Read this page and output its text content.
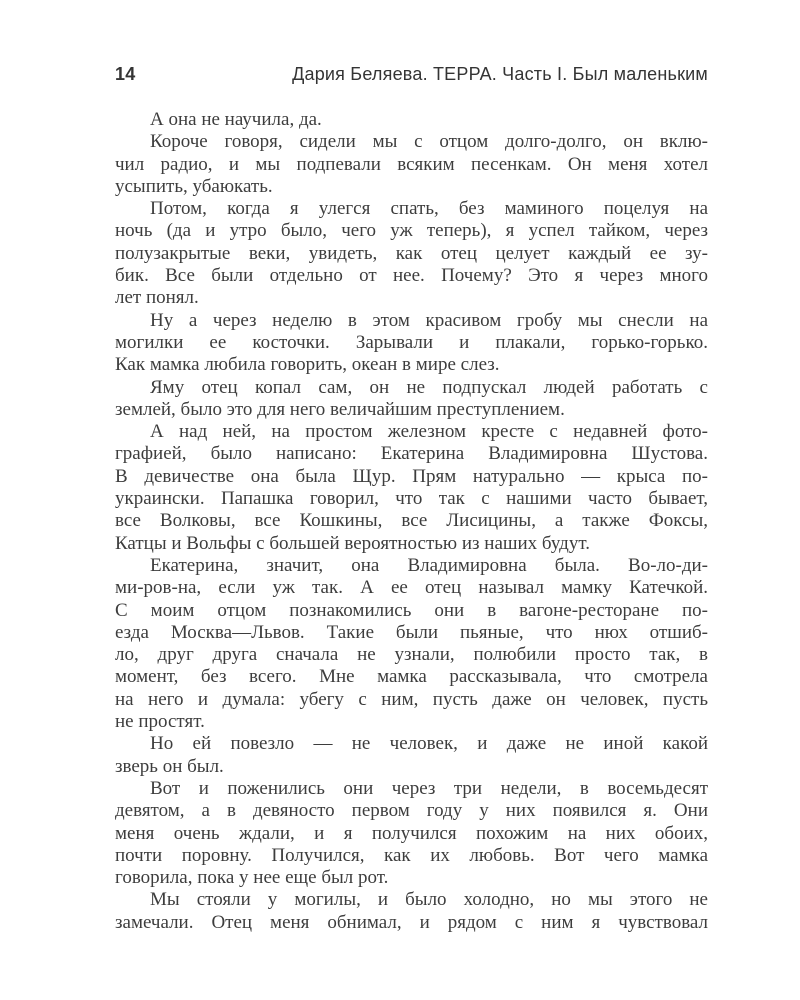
14	Дария Беляева. ТЕРРА. Часть I. Был маленьким
А она не научила, да.
Короче говоря, сидели мы с отцом долго-долго, он вклю-
чил радио, и мы подпевали всяким песенкам. Он меня хотел
усыпить, убаюкать.
Потом, когда я улегся спать, без маминого поцелуя на
ночь (да и утро было, чего уж теперь), я успел тайком, через
полузакрытые веки, увидеть, как отец целует каждый ее зу-
бик. Все были отдельно от нее. Почему? Это я через много
лет понял.
Ну а через неделю в этом красивом гробу мы снесли на
могилки ее косточки. Зарывали и плакали, горько-горько.
Как мамка любила говорить, океан в мире слез.
Яму отец копал сам, он не подпускал людей работать с
землей, было это для него величайшим преступлением.
А над ней, на простом железном кресте с недавней фото-
графией, было написано: Екатерина Владимировна Шустова.
В девичестве она была Щур. Прям натурально — крыса по-
украински. Папашка говорил, что так с нашими часто бывает,
все Волковы, все Кошкины, все Лисицины, а также Фоксы,
Катцы и Вольфы с большей вероятностью из наших будут.
Екатерина, значит, она Владимировна была. Во-ло-ди-
ми-ров-на, если уж так. А ее отец называл мамку Катечкой.
С моим отцом познакомились они в вагоне-ресторане по-
езда Москва—Львов. Такие были пьяные, что нюх отшиб-
ло, друг друга сначала не узнали, полюбили просто так, в
момент, без всего. Мне мамка рассказывала, что смотрела
на него и думала: убегу с ним, пусть даже он человек, пусть
не простят.
Но ей повезло — не человек, и даже не иной какой
зверь он был.
Вот и поженились они через три недели, в восемьдесят
девятом, а в девяносто первом году у них появился я. Они
меня очень ждали, и я получился похожим на них обоих,
почти поровну. Получился, как их любовь. Вот чего мамка
говорила, пока у нее еще был рот.
Мы стояли у могилы, и было холодно, но мы этого не
замечали. Отец меня обнимал, и рядом с ним я чувствовал
